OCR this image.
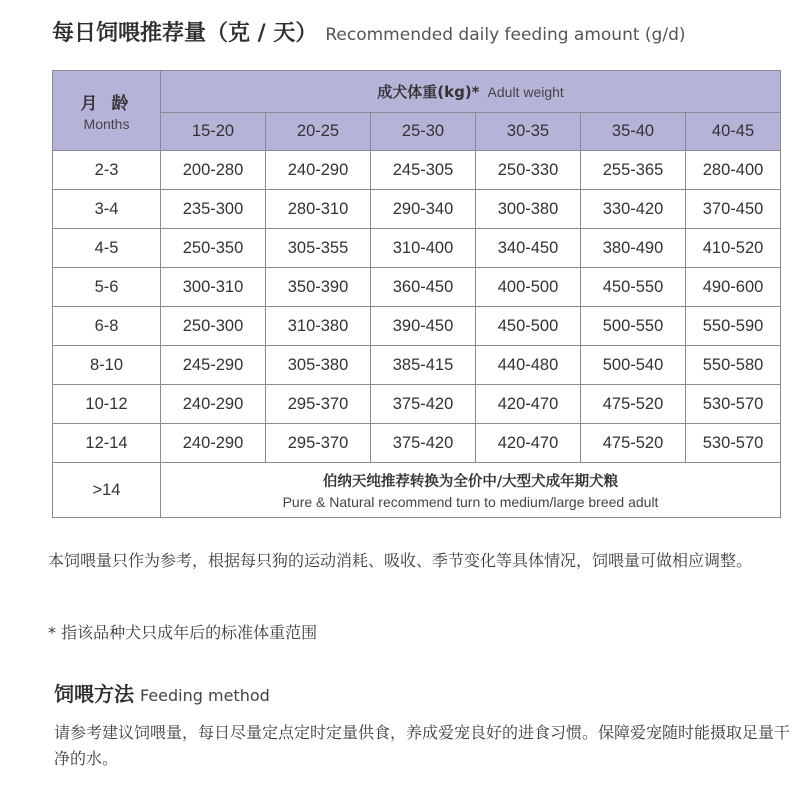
每日饲喂推荐量（克 / 天） Recommended daily feeding amount (g/d)
月 龄
Months	成犬体重(kg)* Adult weight					
	15-20	20-25	25-30	30-35	35-40	40-45
2-3	200-280	240-290	245-305	250-330	255-365	280-400
3-4	235-300	280-310	290-340	300-380	330-420	370-450
4-5	250-350	305-355	310-400	340-450	380-490	410-520
5-6	300-310	350-390	360-450	400-500	450-550	490-600
6-8	250-300	310-380	390-450	450-500	500-550	550-590
8-10	245-290	305-380	385-415	440-480	500-540	550-580
10-12	240-290	295-370	375-420	420-470	475-520	530-570
12-14	240-290	295-370	375-420	420-470	475-520	530-570
>14	伯纳天纯推荐转换为全价中/大型犬成年期犬粮
Pure & Natural recommend turn to medium/large breed adult					
本饲喂量只作为参考，根据每只狗的运动消耗、吸收、季节变化等具体情况，饲喂量可做相应调整。
* 指该品种犬只成年后的标准体重范围
饲喂方法 Feeding method
请参考建议饲喂量，每日尽量定点定时定量供食，养成爱宠良好的进食习惯。保障爱宠随时能摄取足量干净的水。
